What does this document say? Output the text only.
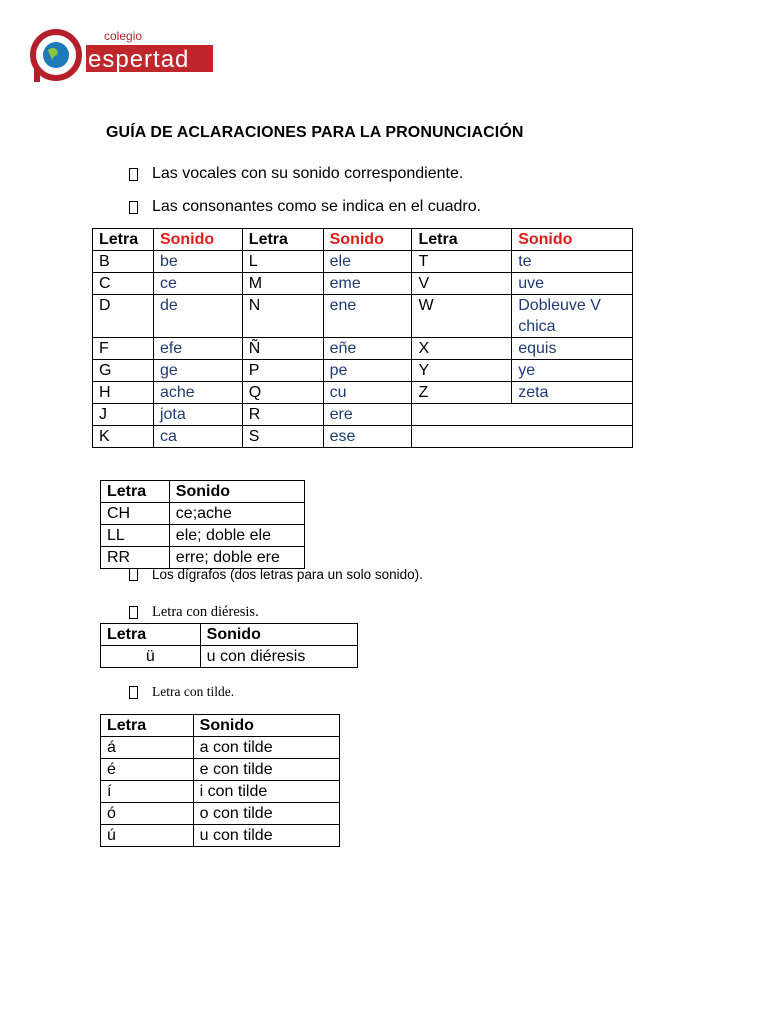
colegio
espertad
GUÍA DE ACLARACIONES PARA LA PRONUNCIACIÓN
Las vocales con su sonido correspondiente.
Las consonantes como se indica en el cuadro.
Letra	Sonido	Letra	Sonido	Letra	Sonido
B	be	L	ele	T	te
C	ce	M	eme	V	uve
D	de	N	ene	W	Dobleuve V chica
F	efe	Ñ	eñe	X	equis
G	ge	P	pe	Y	ye
H	ache	Q	cu	Z	zeta
J	jota	R	ere		
K	ca	S	ese		
Letra	Sonido
CH	ce;ache
LL	ele; doble ele
RR	erre; doble ere
Los dígrafos (dos letras para un solo sonido).
Letra con diéresis.
Letra	Sonido
ü	u con diéresis
Letra con tilde.
Letra	Sonido
á	a con tilde
é	e con tilde
í	i con tilde
ó	o con tilde
ú	u con tilde
